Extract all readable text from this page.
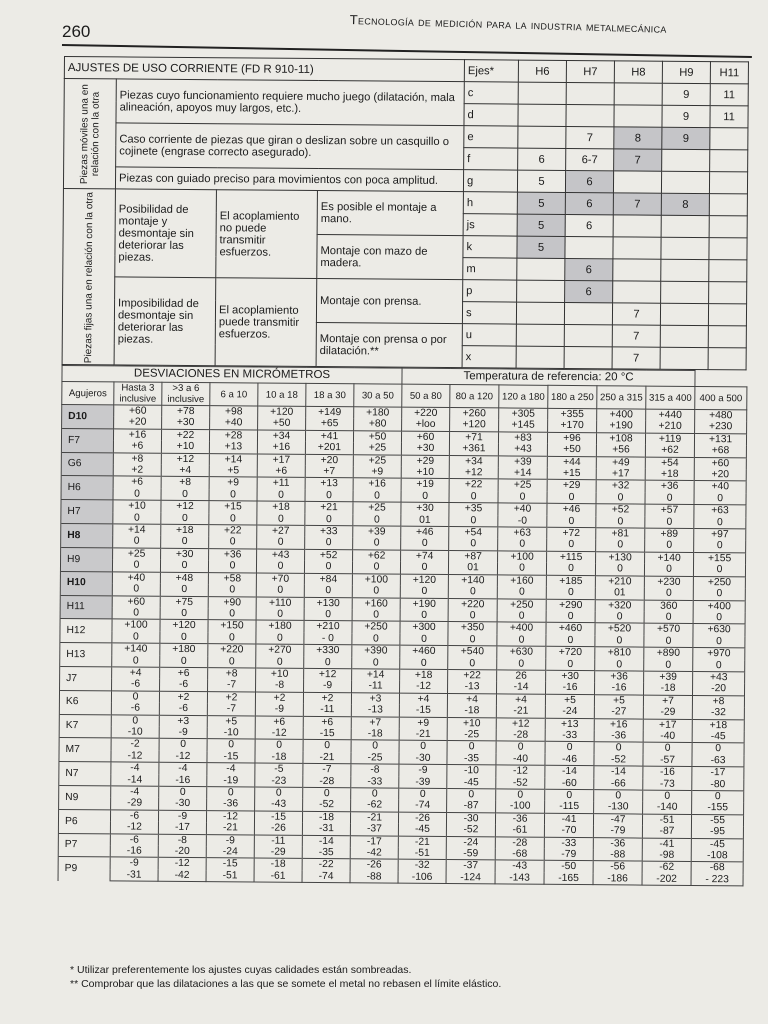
260	Tecnología de medición para la industria metalmecánica
AJUSTES DE USO CORRIENTE (FD R 910-11)				Ejes*	H6	H7	H8	H9	H11
Piezas móviles una en relación con la otra	Piezas cuyo funcionamiento requiere mucho juego (dilatación, mala alineación, apoyos muy largos, etc.).			c				9	11
				d				9	11
	Caso corriente de piezas que giran o deslizan sobre un casquillo o cojinete (engrase correcto asegurado).			e		7	8	9	
				f	6	6-7	7		
	Piezas con guiado preciso para movimientos con poca amplitud.			g	5	6			
Piezas fijas una en relación con la otra	Posibilidad de montaje y desmontaje sin deteriorar las piezas.	El acoplamiento no puede transmitir esfuerzos.	Es posible el montaje a mano.	h	5	6	7	8	
				js	5	6			
			Montaje con mazo de madera.	k	5				
				m		6			
	Imposibilidad de desmontaje sin deteriorar las piezas.	El acoplamiento puede transmitir esfuerzos.	Montaje con prensa.	p		6			
				s			7		
			Montaje con prensa o por dilatación.**	u			7		
				x			7		
DESVIACIONES EN MICRÓMETROS							Temperatura de referencia: 20 °C						
Agujeros	Hasta 3 inclusive	>3 a 6 inclusive	6 a 10	10 a 18	18 a 30	30 a 50	50 a 80	80 a 120	120 a 180	180 a 250	250 a 315	315 a 400	400 a 500
D10	+60	+78	+98	+120	+149	+180	+220	+260	+305	+355	+400	+440	+480
	+20	+30	+40	+50	+65	+80	+loo	+120	+145	+170	+190	+210	+230
F7	+16	+22	+28	+34	+41	+50	+60	+71	+83	+96	+108	+119	+131
	+6	+10	+13	+16	+201	+25	+30	+361	+43	+50	+56	+62	+68
G6	+8	+12	+14	+17	+20	+25	+29	+34	+39	+44	+49	+54	+60
	+2	+4	+5	+6	+7	+9	+10	+12	+14	+15	+17	+18	+20
H6	+6	+8	+9	+11	+13	+16	+19	+22	+25	+29	+32	+36	+40
	0	0	0	0	0	0	0	0	0	0	0	0	0
H7	+10	+12	+15	+18	+21	+25	+30	+35	+40	+46	+52	+57	+63
	0	0	0	0	0	0	01	0	-0	0	0	0	0
H8	+14	+18	+22	+27	+33	+39	+46	+54	+63	+72	+81	+89	+97
	0	0	0	0	0	0	0	0	0	0	0	0	0
H9	+25	+30	+36	+43	+52	+62	+74	+87	+100	+115	+130	+140	+155
	0	0	0	0	0	0	0	01	0	0	0	0	0
H10	+40	+48	+58	+70	+84	+100	+120	+140	+160	+185	+210	+230	+250
	0	0	0	0	0	0	0	0	0	0	01	0	0
H11	+60	+75	+90	+110	+130	+160	+190	+220	+250	+290	+320	360	+400
	0	0	0	0	0	0	0	0	0	0	0	0	0
H12	+100	+120	+150	+180	+210	+250	+300	+350	+400	+460	+520	+570	+630
	0	0	0	0	- 0	0	0	0	0	0	0	0	0
H13	+140	+180	+220	+270	+330	+390	+460	+540	+630	+720	+810	+890	+970
	0	0	0	0	0	0	0	0	0	0	0	0	0
J7	+4	+6	+8	+10	+12	+14	+18	+22	26	+30	+36	+39	+43
	-6	-6	-7	-8	-9	-11	-12	-13	-14	-16	-16	-18	-20
K6	0	+2	+2	+2	+2	+3	+4	+4	+4	+5	+5	+7	+8
	-6	-6	-7	-9	-11	-13	-15	-18	-21	-24	-27	-29	-32
K7	0	+3	+5	+6	+6	+7	+9	+10	+12	+13	+16	+17	+18
	-10	-9	-10	-12	-15	-18	-21	-25	-28	-33	-36	-40	-45
M7	-2	0	0	0	0	0	0	0	0	0	0	0	0
	-12	-12	-15	-18	-21	-25	-30	-35	-40	-46	-52	-57	-63
N7	-4	-4	-4	-5	-7	-8	-9	-10	-12	-14	-14	-16	-17
	-14	-16	-19	-23	-28	-33	-39	-45	-52	-60	-66	-73	-80
N9	-4	0	0	0	0	0	0	0	0	0	0	0	0
	-29	-30	-36	-43	-52	-62	-74	-87	-100	-115	-130	-140	-155
P6	-6	-9	-12	-15	-18	-21	-26	-30	-36	-41	-47	-51	-55
	-12	-17	-21	-26	-31	-37	-45	-52	-61	-70	-79	-87	-95
P7	-6	-8	-9	-11	-14	-17	-21	-24	-28	-33	-36	-41	-45
	-16	-20	-24	-29	-35	-42	-51	-59	-68	-79	-88	-98	-108
P9	-9	-12	-15	-18	-22	-26	-32	-37	-43	-50	-56	-62	-68
	-31	-42	-51	-61	-74	-88	-106	-124	-143	-165	-186	-202	- 223
* Utilizar preferentemente los ajustes cuyas calidades están sombreadas.
** Comprobar que las dilataciones a las que se somete el metal no rebasen el límite elástico.
